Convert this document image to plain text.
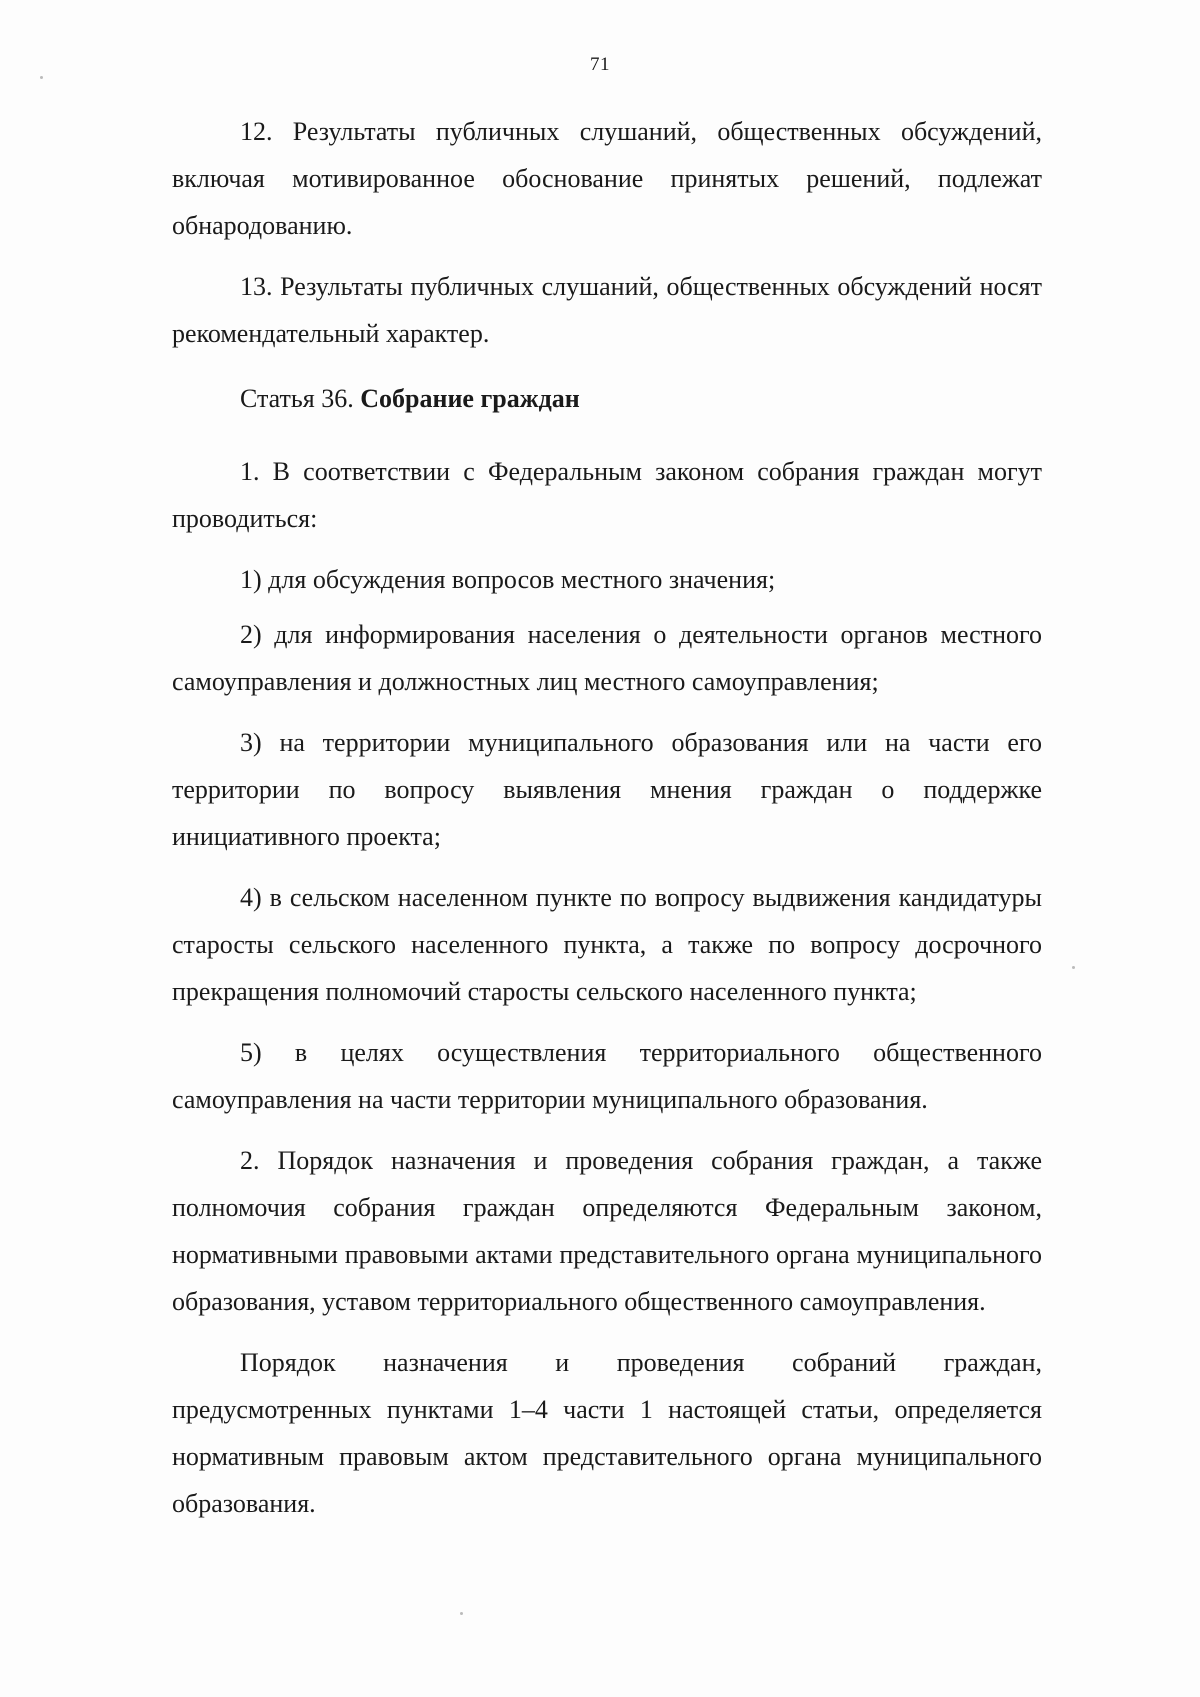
71

12. Результаты публичных слушаний, общественных обсуждений, включая мотивированное обоснование принятых решений, подлежат обнародованию.

13. Результаты публичных слушаний, общественных обсуждений носят рекомендательный характер.

Статья 36. Собрание граждан

1. В соответствии с Федеральным законом собрания граждан могут проводиться:

1) для обсуждения вопросов местного значения;

2) для информирования населения о деятельности органов местного самоуправления и должностных лиц местного самоуправления;

3) на территории муниципального образования или на части его территории по вопросу выявления мнения граждан о поддержке инициативного проекта;

4) в сельском населенном пункте по вопросу выдвижения кандидатуры старосты сельского населенного пункта, а также по вопросу досрочного прекращения полномочий старосты сельского населенного пункта;

5) в целях осуществления территориального общественного самоуправления на части территории муниципального образования.

2. Порядок назначения и проведения собрания граждан, а также полномочия собрания граждан определяются Федеральным законом, нормативными правовыми актами представительного органа муниципального образования, уставом территориального общественного самоуправления.

Порядок назначения и проведения собраний граждан, предусмотренных пунктами 1–4 части 1 настоящей статьи, определяется нормативным правовым актом представительного органа муниципального образования.
